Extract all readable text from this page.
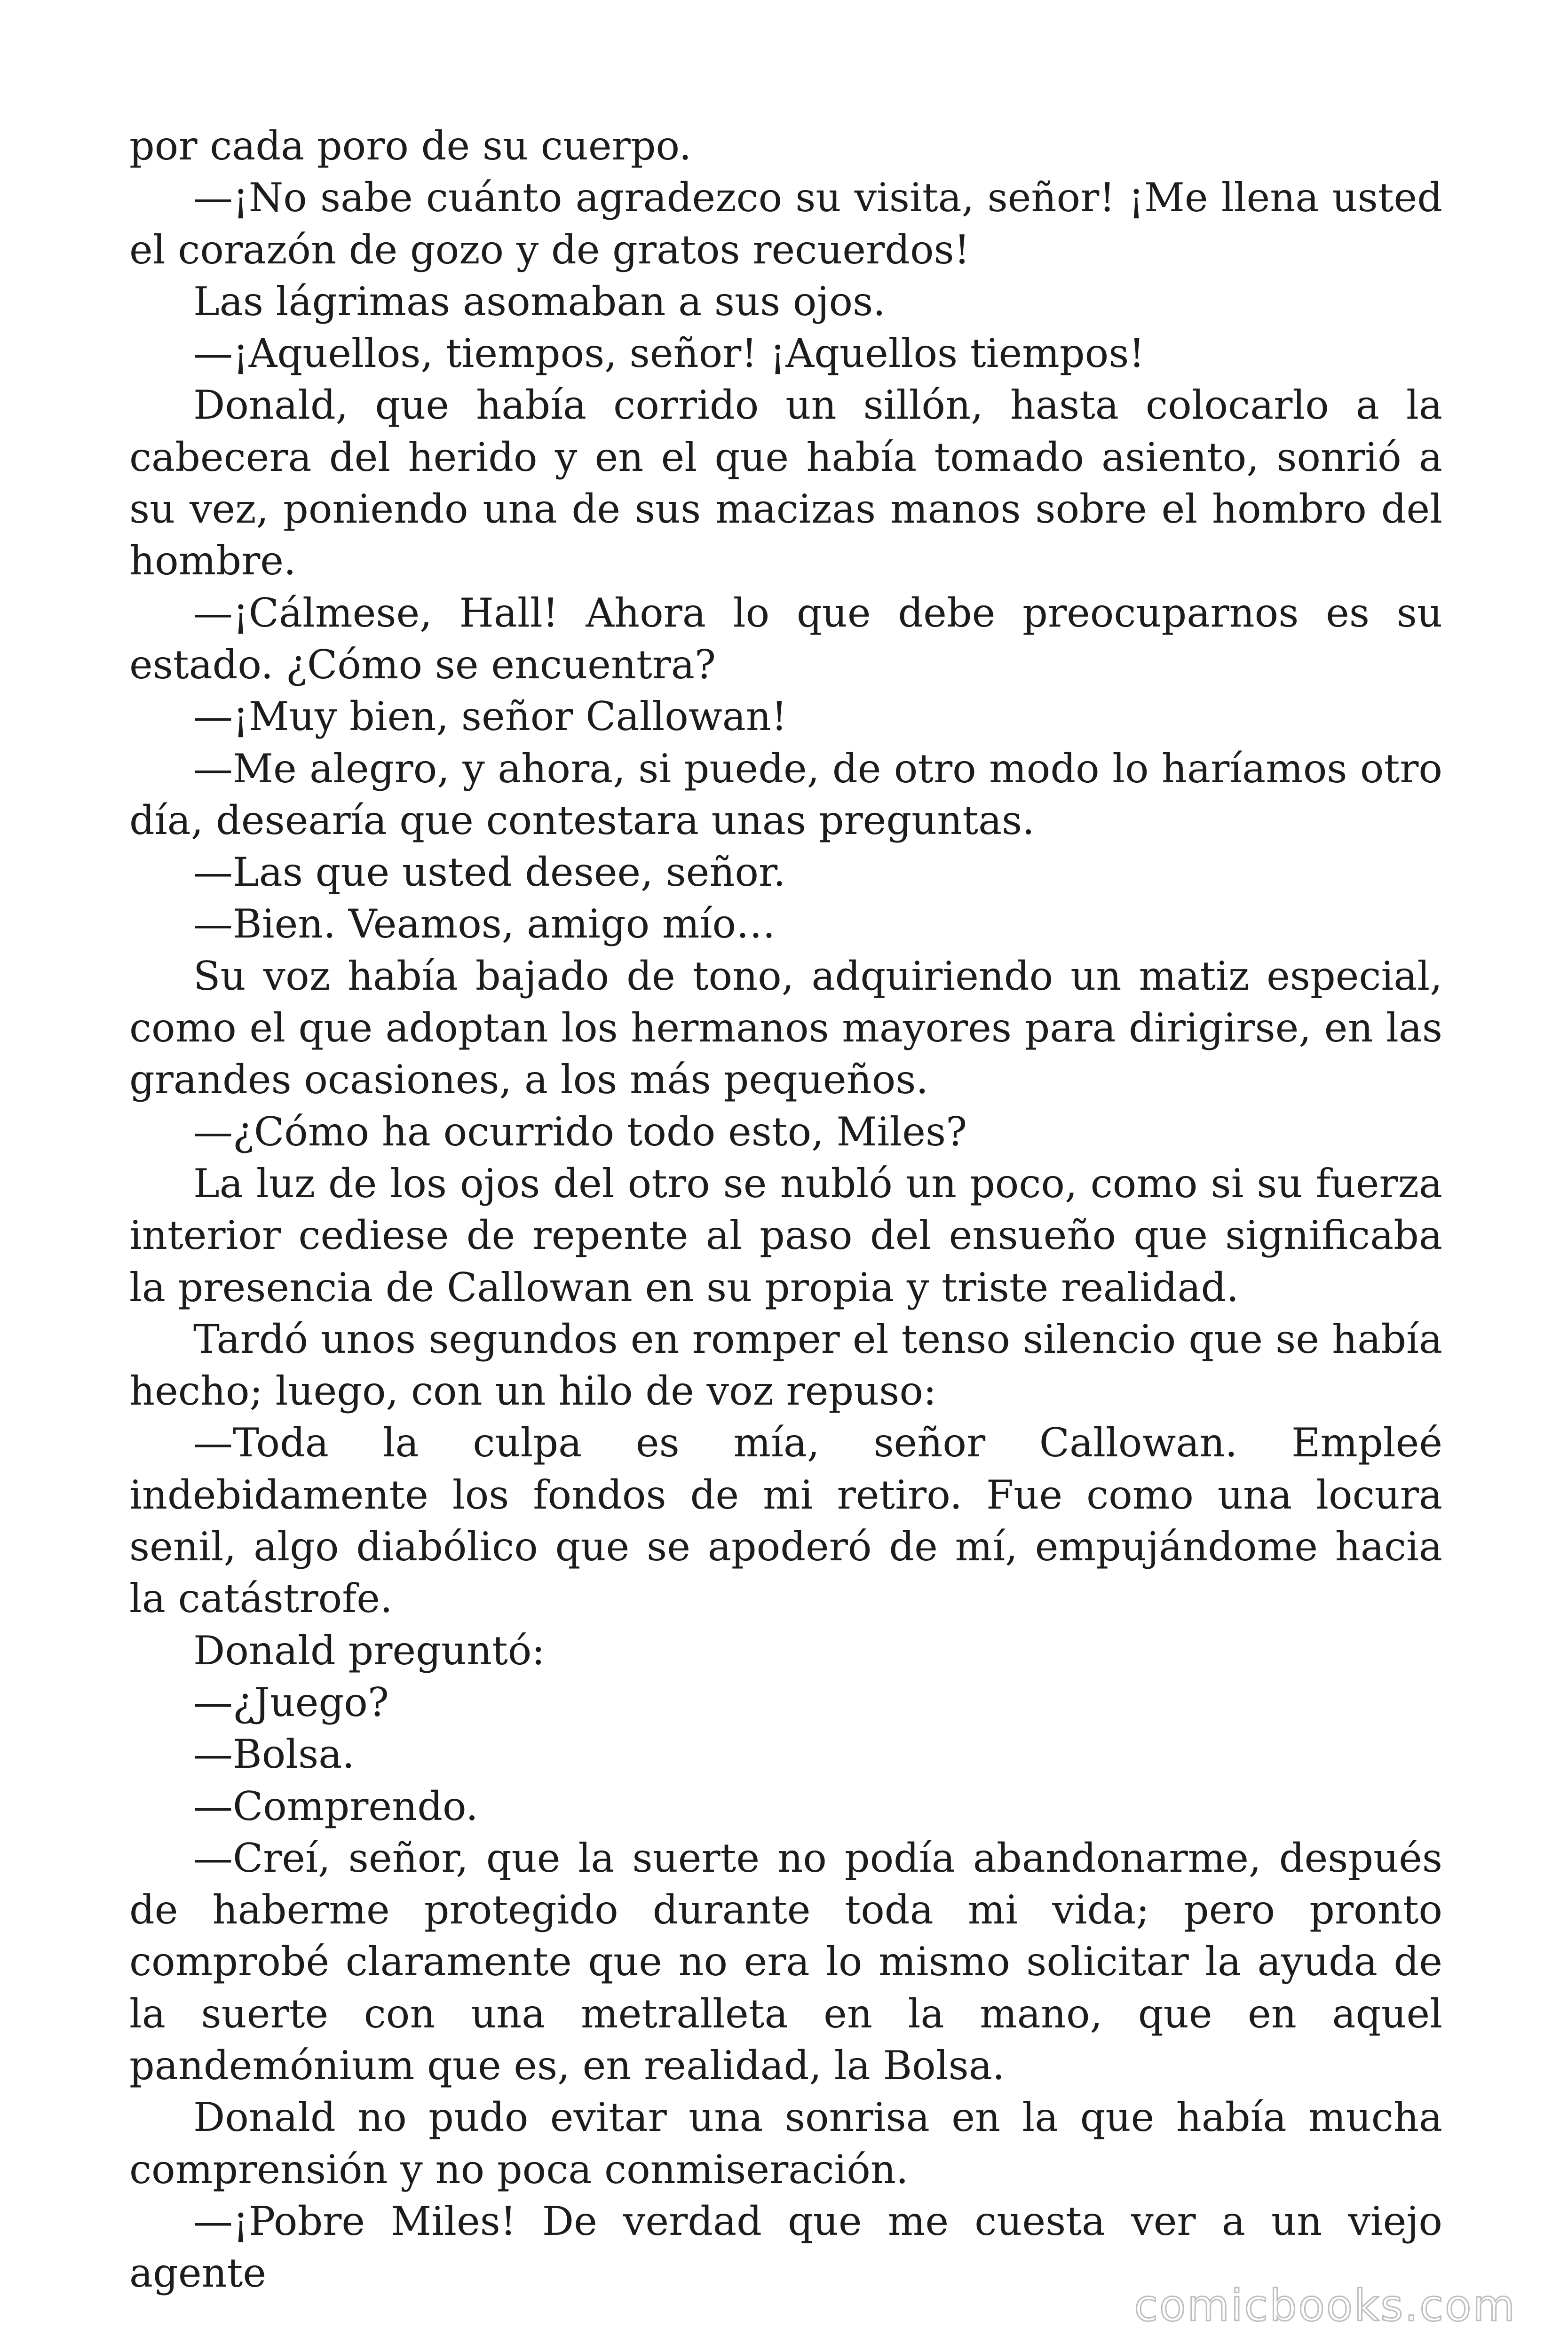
por cada poro de su cuerpo.

—¡No sabe cuánto agradezco su visita, señor! ¡Me llena usted el corazón de gozo y de gratos recuerdos!

Las lágrimas asomaban a sus ojos.

—¡Aquellos, tiempos, señor! ¡Aquellos tiempos!

Donald, que había corrido un sillón, hasta colocarlo a la cabecera del herido y en el que había tomado asiento, sonrió a su vez, poniendo una de sus macizas manos sobre el hombro del hombre.

—¡Cálmese, Hall! Ahora lo que debe preocuparnos es su estado. ¿Cómo se encuentra?

—¡Muy bien, señor Callowan!

—Me alegro, y ahora, si puede, de otro modo lo haríamos otro día, desearía que contestara unas preguntas.

—Las que usted desee, señor.

—Bien. Veamos, amigo mío…

Su voz había bajado de tono, adquiriendo un matiz especial, como el que adoptan los hermanos mayores para dirigirse, en las grandes ocasiones, a los más pequeños.

—¿Cómo ha ocurrido todo esto, Miles?

La luz de los ojos del otro se nubló un poco, como si su fuerza interior cediese de repente al paso del ensueño que significaba la presencia de Callowan en su propia y triste realidad.

Tardó unos segundos en romper el tenso silencio que se había hecho; luego, con un hilo de voz repuso:

—Toda la culpa es mía, señor Callowan. Empleé indebidamente los fondos de mi retiro. Fue como una locura senil, algo diabólico que se apoderó de mí, empujándome hacia la catástrofe.

Donald preguntó:

—¿Juego?

—Bolsa.

—Comprendo.

—Creí, señor, que la suerte no podía abandonarme, después de haberme protegido durante toda mi vida; pero pronto comprobé claramente que no era lo mismo solicitar la ayuda de la suerte con una metralleta en la mano, que en aquel pandemónium que es, en realidad, la Bolsa.

Donald no pudo evitar una sonrisa en la que había mucha comprensión y no poca conmiseración.

—¡Pobre Miles! De verdad que me cuesta ver a un viejo agente

comicbooks.com
